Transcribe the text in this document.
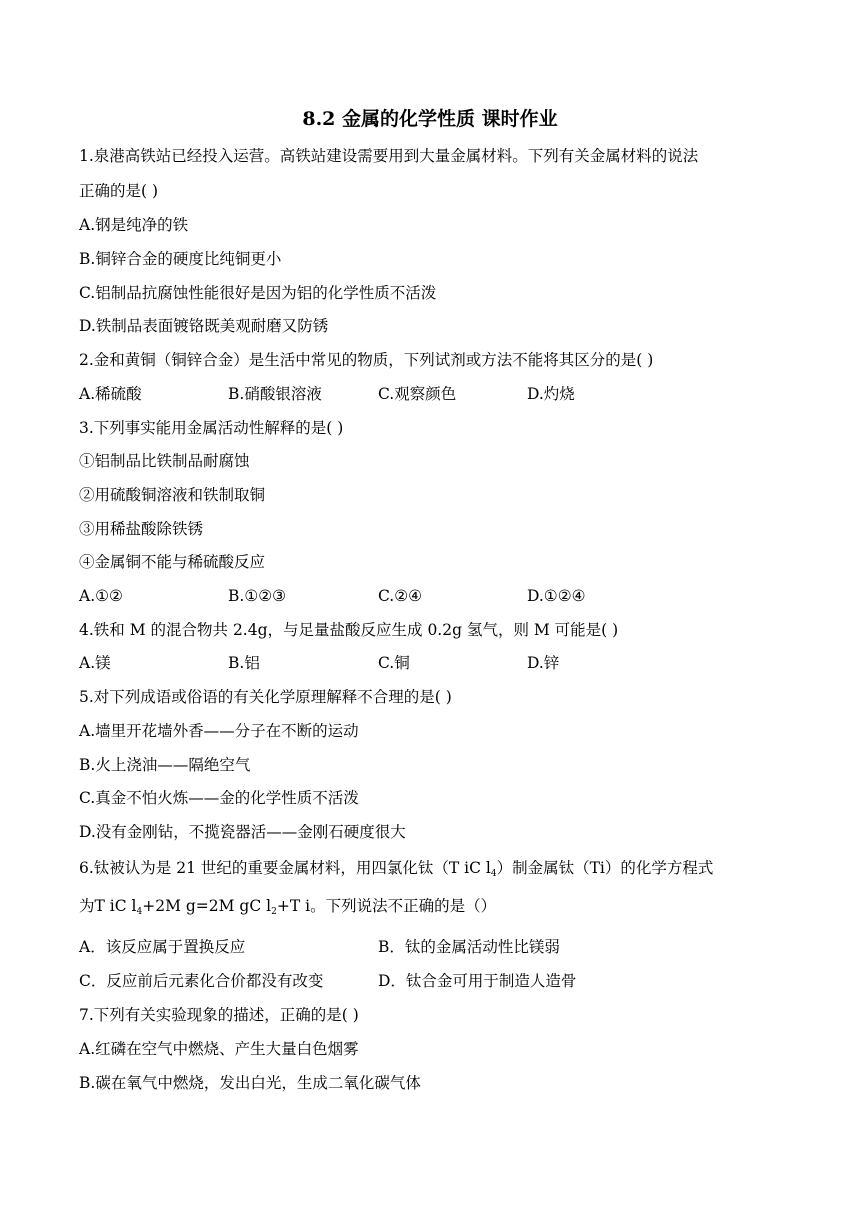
8.2 金属的化学性质 课时作业
1.泉港高铁站已经投入运营。高铁站建设需要用到大量金属材料。下列有关金属材料的说法
正确的是( )
A.钢是纯净的铁
B.铜锌合金的硬度比纯铜更小
C.铝制品抗腐蚀性能很好是因为铝的化学性质不活泼
D.铁制品表面镀铬既美观耐磨又防锈
2.金和黄铜（铜锌合金）是生活中常见的物质，下列试剂或方法不能将其区分的是( )
A.稀硫酸	B.硝酸银溶液	C.观察颜色	D.灼烧
3.下列事实能用金属活动性解释的是( )
①铝制品比铁制品耐腐蚀
②用硫酸铜溶液和铁制取铜
③用稀盐酸除铁锈
④金属铜不能与稀硫酸反应
A.①②	B.①②③	C.②④	D.①②④
4.铁和 M 的混合物共 2.4g，与足量盐酸反应生成 0.2g 氢气，则 M 可能是( )
A.镁	B.铝	C.铜	D.锌
5.对下列成语或俗语的有关化学原理解释不合理的是( )
A.墙里开花墙外香——分子在不断的运动
B.火上浇油——隔绝空气
C.真金不怕火炼——金的化学性质不活泼
D.没有金刚钻，不揽瓷器活——金刚石硬度很大
6.钛被认为是 21 世纪的重要金属材料，用四氯化钛（T iC $l_4$）制金属钛（Ti）的化学方程式
为T iC $l_4+2M$ g=2M gC $l_2+T$ i。下列说法不正确的是（）
A．该反应属于置换反应	B．钛的金属活动性比镁弱
C．反应前后元素化合价都没有改变	D．钛合金可用于制造人造骨
7.下列有关实验现象的描述，正确的是( )
A.红磷在空气中燃烧、产生大量白色烟雾
B.碳在氧气中燃烧，发出白光，生成二氧化碳气体
